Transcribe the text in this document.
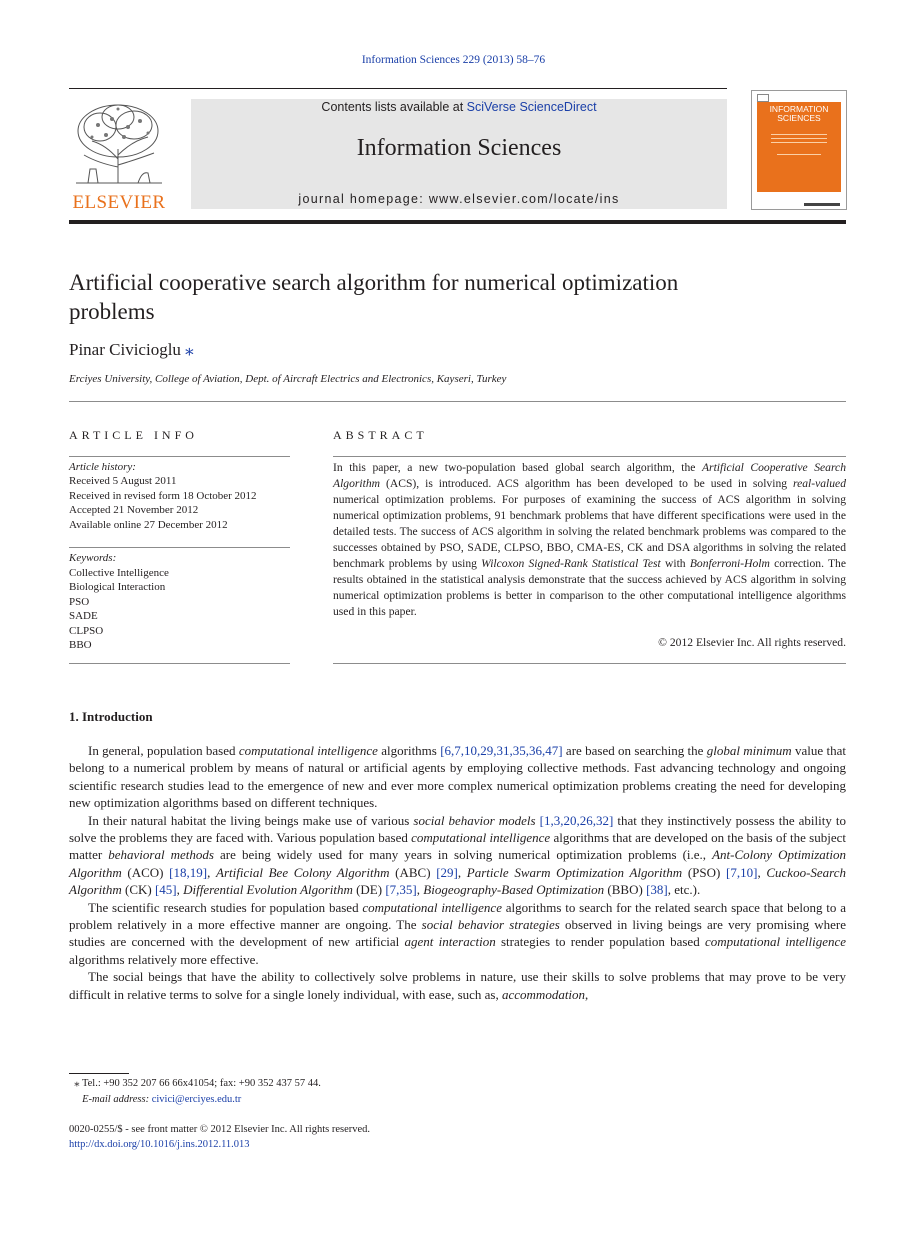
Information Sciences 229 (2013) 58–76
ELSEVIER
Contents lists available at SciVerse ScienceDirect
Information Sciences
journal homepage: www.elsevier.com/locate/ins
INFORMATION SCIENCES
Artificial cooperative search algorithm for numerical optimization problems
Pinar Civicioglu ⁎
Erciyes University, College of Aviation, Dept. of Aircraft Electrics and Electronics, Kayseri, Turkey
ARTICLE INFO
Article history:
Received 5 August 2011
Received in revised form 18 October 2012
Accepted 21 November 2012
Available online 27 December 2012
Keywords:
Collective Intelligence
Biological Interaction
PSO
SADE
CLPSO
BBO
ABSTRACT
In this paper, a new two-population based global search algorithm, the Artificial Cooperative Search Algorithm (ACS), is introduced. ACS algorithm has been developed to be used in solving real-valued numerical optimization problems. For purposes of examining the success of ACS algorithm in solving numerical optimization problems, 91 benchmark problems that have different specifications were used in the detailed tests. The success of ACS algorithm in solving the related benchmark problems was compared to the successes obtained by PSO, SADE, CLPSO, BBO, CMA-ES, CK and DSA algorithms in solving the related benchmark problems by using Wilcoxon Signed-Rank Statistical Test with Bonferroni-Holm correction. The results obtained in the statistical analysis demonstrate that the success achieved by ACS algorithm in solving numerical optimization problems is better in comparison to the other computational intelligence algorithms used in this paper.
© 2012 Elsevier Inc. All rights reserved.
1. Introduction

In general, population based computational intelligence algorithms [6,7,10,29,31,35,36,47] are based on searching the global minimum value that belong to a numerical problem by means of natural or artificial agents by employing collective methods. Fast advancing technology and ongoing scientific research studies lead to the emergence of new and ever more complex numerical optimization problems creating the need for developing new optimization algorithms based on different techniques.

In their natural habitat the living beings make use of various social behavior models [1,3,20,26,32] that they instinctively possess the ability to solve the problems they are faced with. Various population based computational intelligence algorithms that are developed on the basis of the subject matter behavioral methods are being widely used for many years in solving numerical optimization problems (i.e., Ant-Colony Optimization Algorithm (ACO) [18,19], Artificial Bee Colony Algorithm (ABC) [29], Particle Swarm Optimization Algorithm (PSO) [7,10], Cuckoo-Search Algorithm (CK) [45], Differential Evolution Algorithm (DE) [7,35], Biogeography-Based Optimization (BBO) [38], etc.).

The scientific research studies for population based computational intelligence algorithms to search for the related search space that belong to a problem relatively in a more effective manner are ongoing. The social behavior strategies observed in living beings are very promising where studies are concerned with the development of new artificial agent interaction strategies to render population based computational intelligence algorithms relatively more effective.

The social beings that have the ability to collectively solve problems in nature, use their skills to solve problems that may prove to be very difficult in relative terms to solve for a single lonely individual, with ease, such as, accommodation,

⁎ Tel.: +90 352 207 66 66x41054; fax: +90 352 437 57 44.
E-mail address: civici@erciyes.edu.tr
0020-0255/$ - see front matter © 2012 Elsevier Inc. All rights reserved.
http://dx.doi.org/10.1016/j.ins.2012.11.013
